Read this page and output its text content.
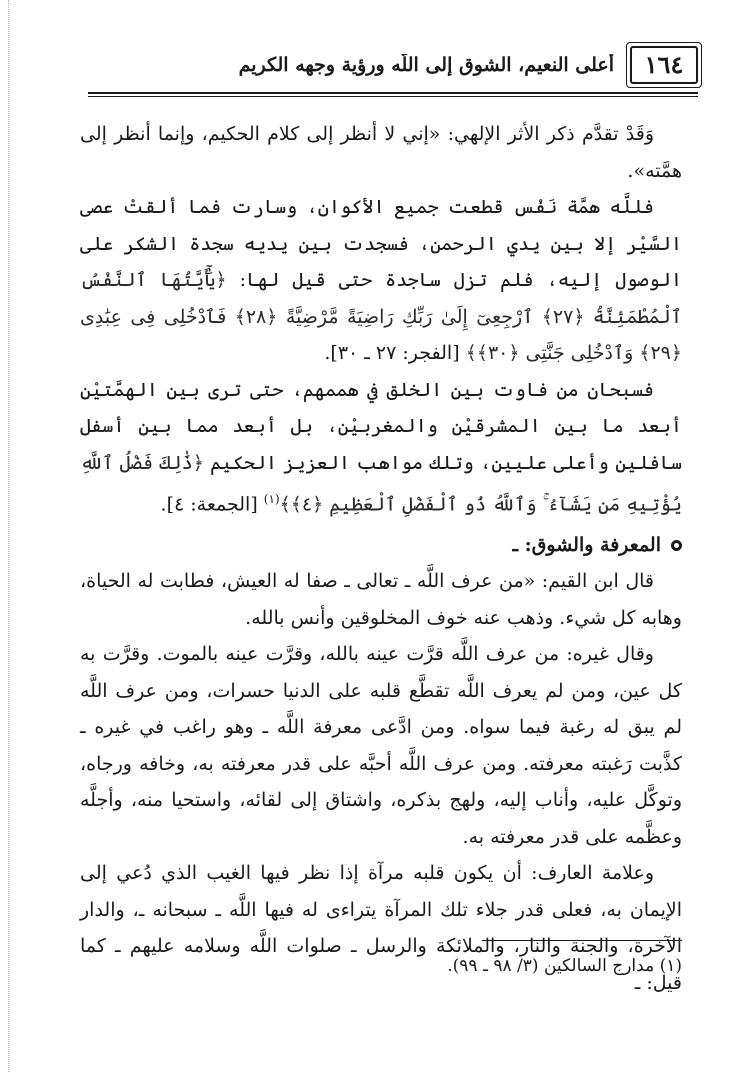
١٦٤
أعلى النعيم، الشوق إلى اللَّه ورؤية وجهه الكريم

وَقَدْ تقدَّم ذكر الأثر الإلهي: «إني لا أنظر إلى كلام الحكيم، وإنما أنظر إلى همَّته».

فللَّه همَّة نَفْس قطعت جميع الأكوان، وسارت فما ألقتْ عصى السَّيْر إلا بين يدي الرحمن، فسجدت بين يديه سجدة الشكر على الوصول إليه، فلم تزل ساجدة حتى قيل لها: ﴿يَٰٓأَيَّتُهَا ٱلنَّفْسُ ٱلْمُطْمَئِنَّةُ ﴿٢٧﴾ ٱرْجِعِىٓ إِلَىٰ رَبِّكِ رَاضِيَةً مَّرْضِيَّةً ﴿٢٨﴾ فَٱدْخُلِى فِى عِبَٰدِى ﴿٢٩﴾ وَٱدْخُلِى جَنَّتِى ﴿٣٠﴾﴾ [الفجر: ٢٧ ـ ٣٠].

فسبحان من فاوت بين الخلق في هممهم، حتى ترى بين الهمَّتيْن أبعد ما بين المشرقيْن والمغربيْن، بل أبعد مما بين أسفل سافلين وأعلى عليين، وتلك مواهب العزيز الحكيم ﴿ذَٰلِكَ فَضْلُ ٱللَّهِ يُؤْتِيهِ مَن يَشَآءُ ۚ وَٱللَّهُ ذُو ٱلْفَضْلِ ٱلْعَظِيمِ ﴿٤﴾﴾$^{(١)}$ [الجمعة: ٤].

المعرفة والشوق: ـ

قال ابن القيم: «من عرف اللَّه ـ تعالى ـ صفا له العيش، فطابت له الحياة، وهابه كل شيء. وذهب عنه خوف المخلوقين وأنس بالله.

وقال غيره: من عرف اللَّه قرَّت عينه بالله، وقرَّت عينه بالموت. وقرَّت به كل عين، ومن لم يعرف اللَّه تقطَّع قلبه على الدنيا حسرات، ومن عرف اللَّه لم يبق له رغبة فيما سواه. ومن ادَّعى معرفة اللَّه ـ وهو راغب في غيره ـ كذَّبت رَغبته معرفته. ومن عرف اللَّه أحبَّه على قدر معرفته به، وخافه ورجاه، وتوكَّل عليه، وأناب إليه، ولهج بذكره، واشتاق إلى لقائه، واستحيا منه، وأجلَّه وعظَّمه على قدر معرفته به.

وعلامة العارف: أن يكون قلبه مرآة إذا نظر فيها الغيب الذي دُعي إلى الإيمان به، فعلى قدر جلاء تلك المرآة يتراءى له فيها اللَّه ـ سبحانه ـ، والدار الآخرة، والجنة والنار، والملائكة والرسل ـ صلوات اللَّه وسلامه عليهم ـ كما قيل: ـ

(١) مدارج السالكين (٣/ ٩٨ ـ ٩٩).
